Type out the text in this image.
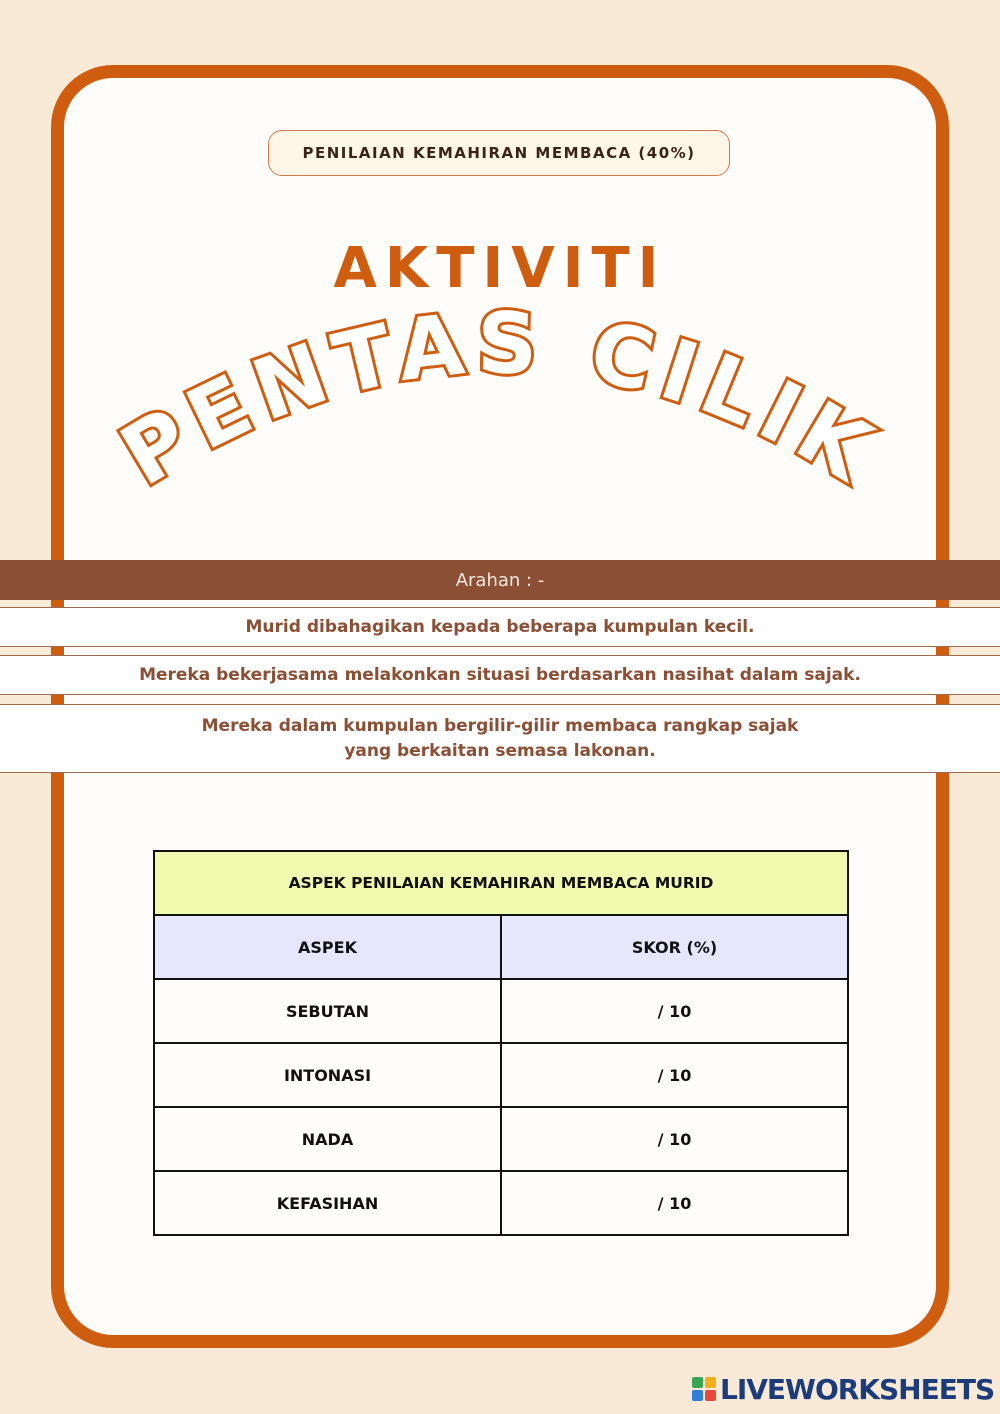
PENILAIAN KEMAHIRAN MEMBACA (40%)
AKTIVITI
PENTAS CILIK
Arahan : -
Murid dibahagikan kepada beberapa kumpulan kecil.
Mereka bekerjasama melakonkan situasi berdasarkan nasihat dalam sajak.
Mereka dalam kumpulan bergilir-gilir membaca rangkap sajak
yang berkaitan semasa lakonan.
ASPEK PENILAIAN KEMAHIRAN MEMBACA MURID	
ASPEK	SKOR (%)
SEBUTAN	/ 10
INTONASI	/ 10
NADA	/ 10
KEFASIHAN	/ 10
LIVEWORKSHEETS
